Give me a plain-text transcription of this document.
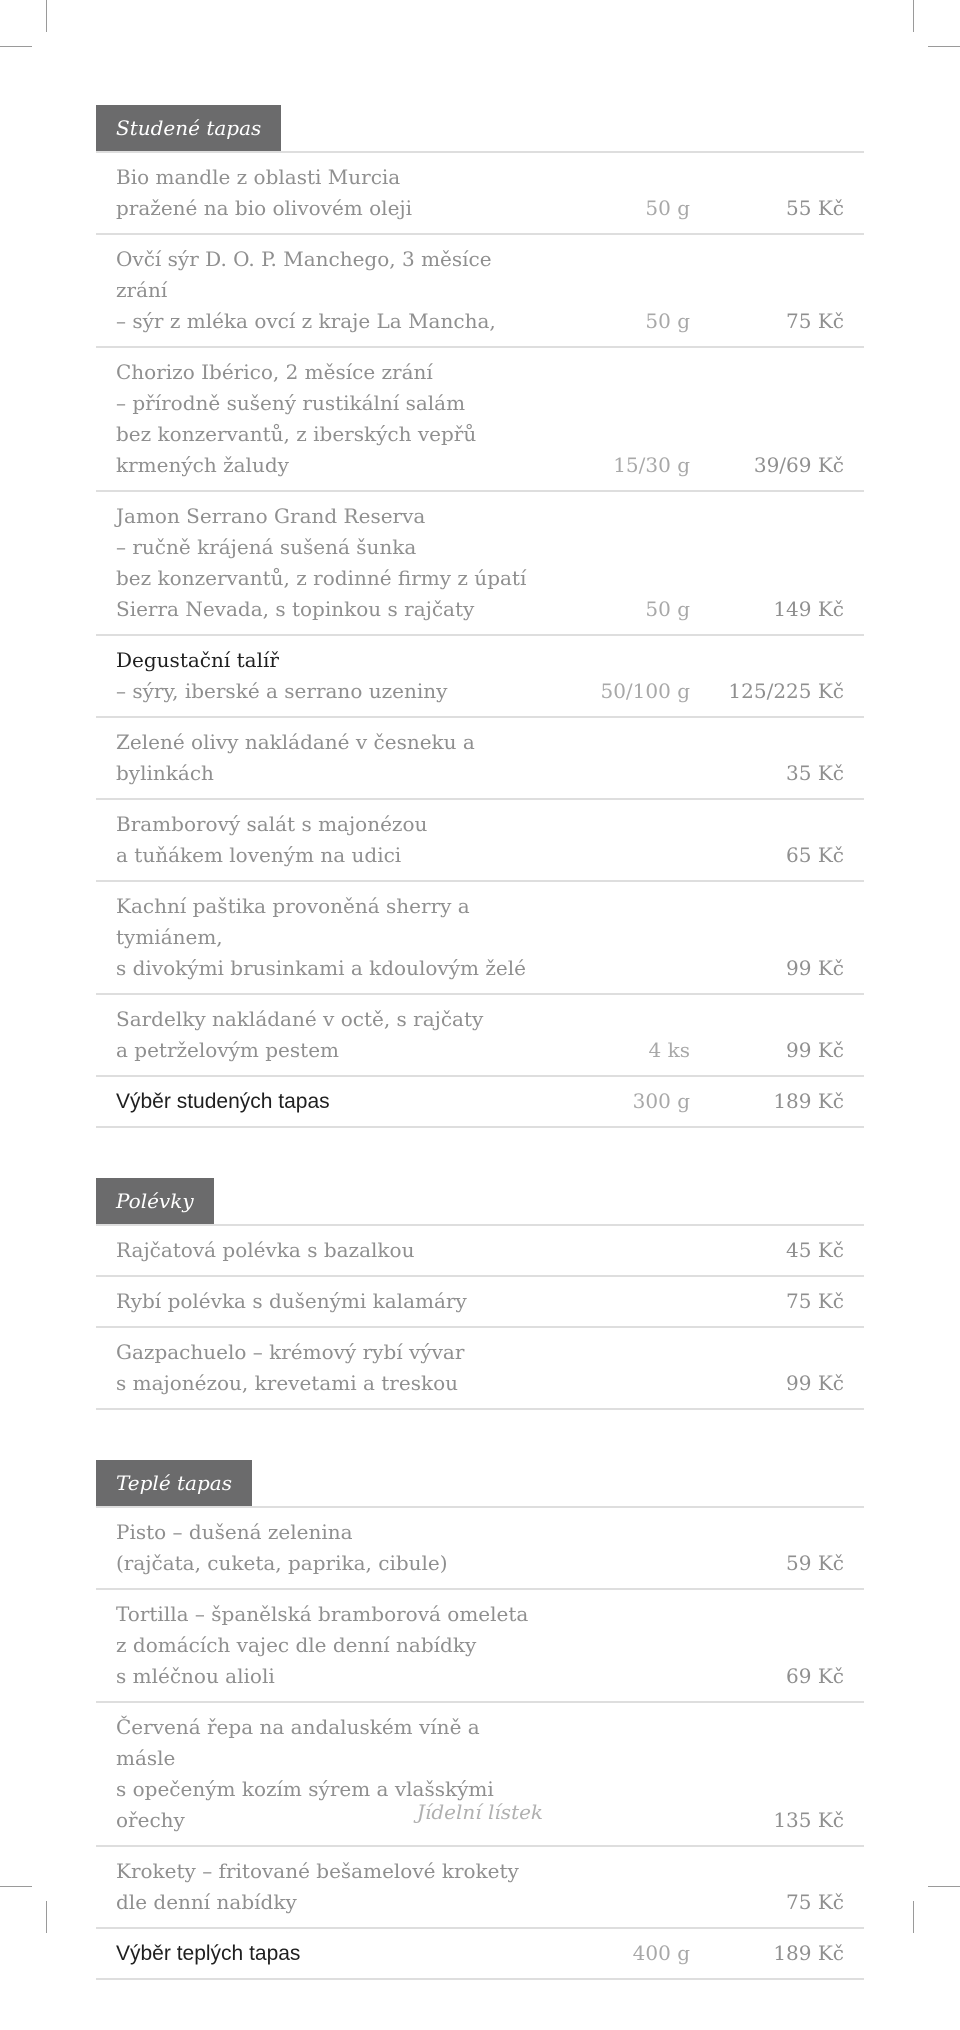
Studené tapas
Bio mandle z oblasti Murcia
pražené na bio olivovém oleji	50 g	55 Kč
Ovčí sýr D. O. P. Manchego, 3 měsíce zrání
– sýr z mléka ovcí z kraje La Mancha,	50 g	75 Kč
Chorizo Ibérico, 2 měsíce zrání
– přírodně sušený rustikální salám
bez konzervantů, z iberských vepřů
krmených žaludy	15/30 g	39/69 Kč
Jamon Serrano Grand Reserva
– ručně krájená sušená šunka
bez konzervantů, z rodinné firmy z úpatí
Sierra Nevada, s topinkou s rajčaty	50 g	149 Kč
Degustační talíř
– sýry, iberské a serrano uzeniny	50/100 g	125/225 Kč
Zelené olivy nakládané v česneku a bylinkách	35 Kč
Bramborový salát s majonézou
a tuňákem loveným na udici	65 Kč
Kachní paštika provoněná sherry a tymiánem,
s divokými brusinkami a kdoulovým želé	99 Kč
Sardelky nakládané v octě, s rajčaty
a petrželovým pestem	4 ks	99 Kč
Výběr studených tapas	300 g	189 Kč
Polévky
Rajčatová polévka s bazalkou	45 Kč
Rybí polévka s dušenými kalamáry	75 Kč
Gazpachuelo – krémový rybí vývar
s majonézou, krevetami a treskou	99 Kč
Teplé tapas
Pisto – dušená zelenina
(rajčata, cuketa, paprika, cibule)	59 Kč
Tortilla – španělská bramborová omeleta
z domácích vajec dle denní nabídky
s mléčnou alioli	69 Kč
Červená řepa na andaluském víně a másle
s opečeným kozím sýrem a vlašskými ořechy	135 Kč
Krokety – fritované bešamelové krokety
dle denní nabídky	75 Kč
Výběr teplých tapas	400 g	189 Kč
Jídelní lístek
